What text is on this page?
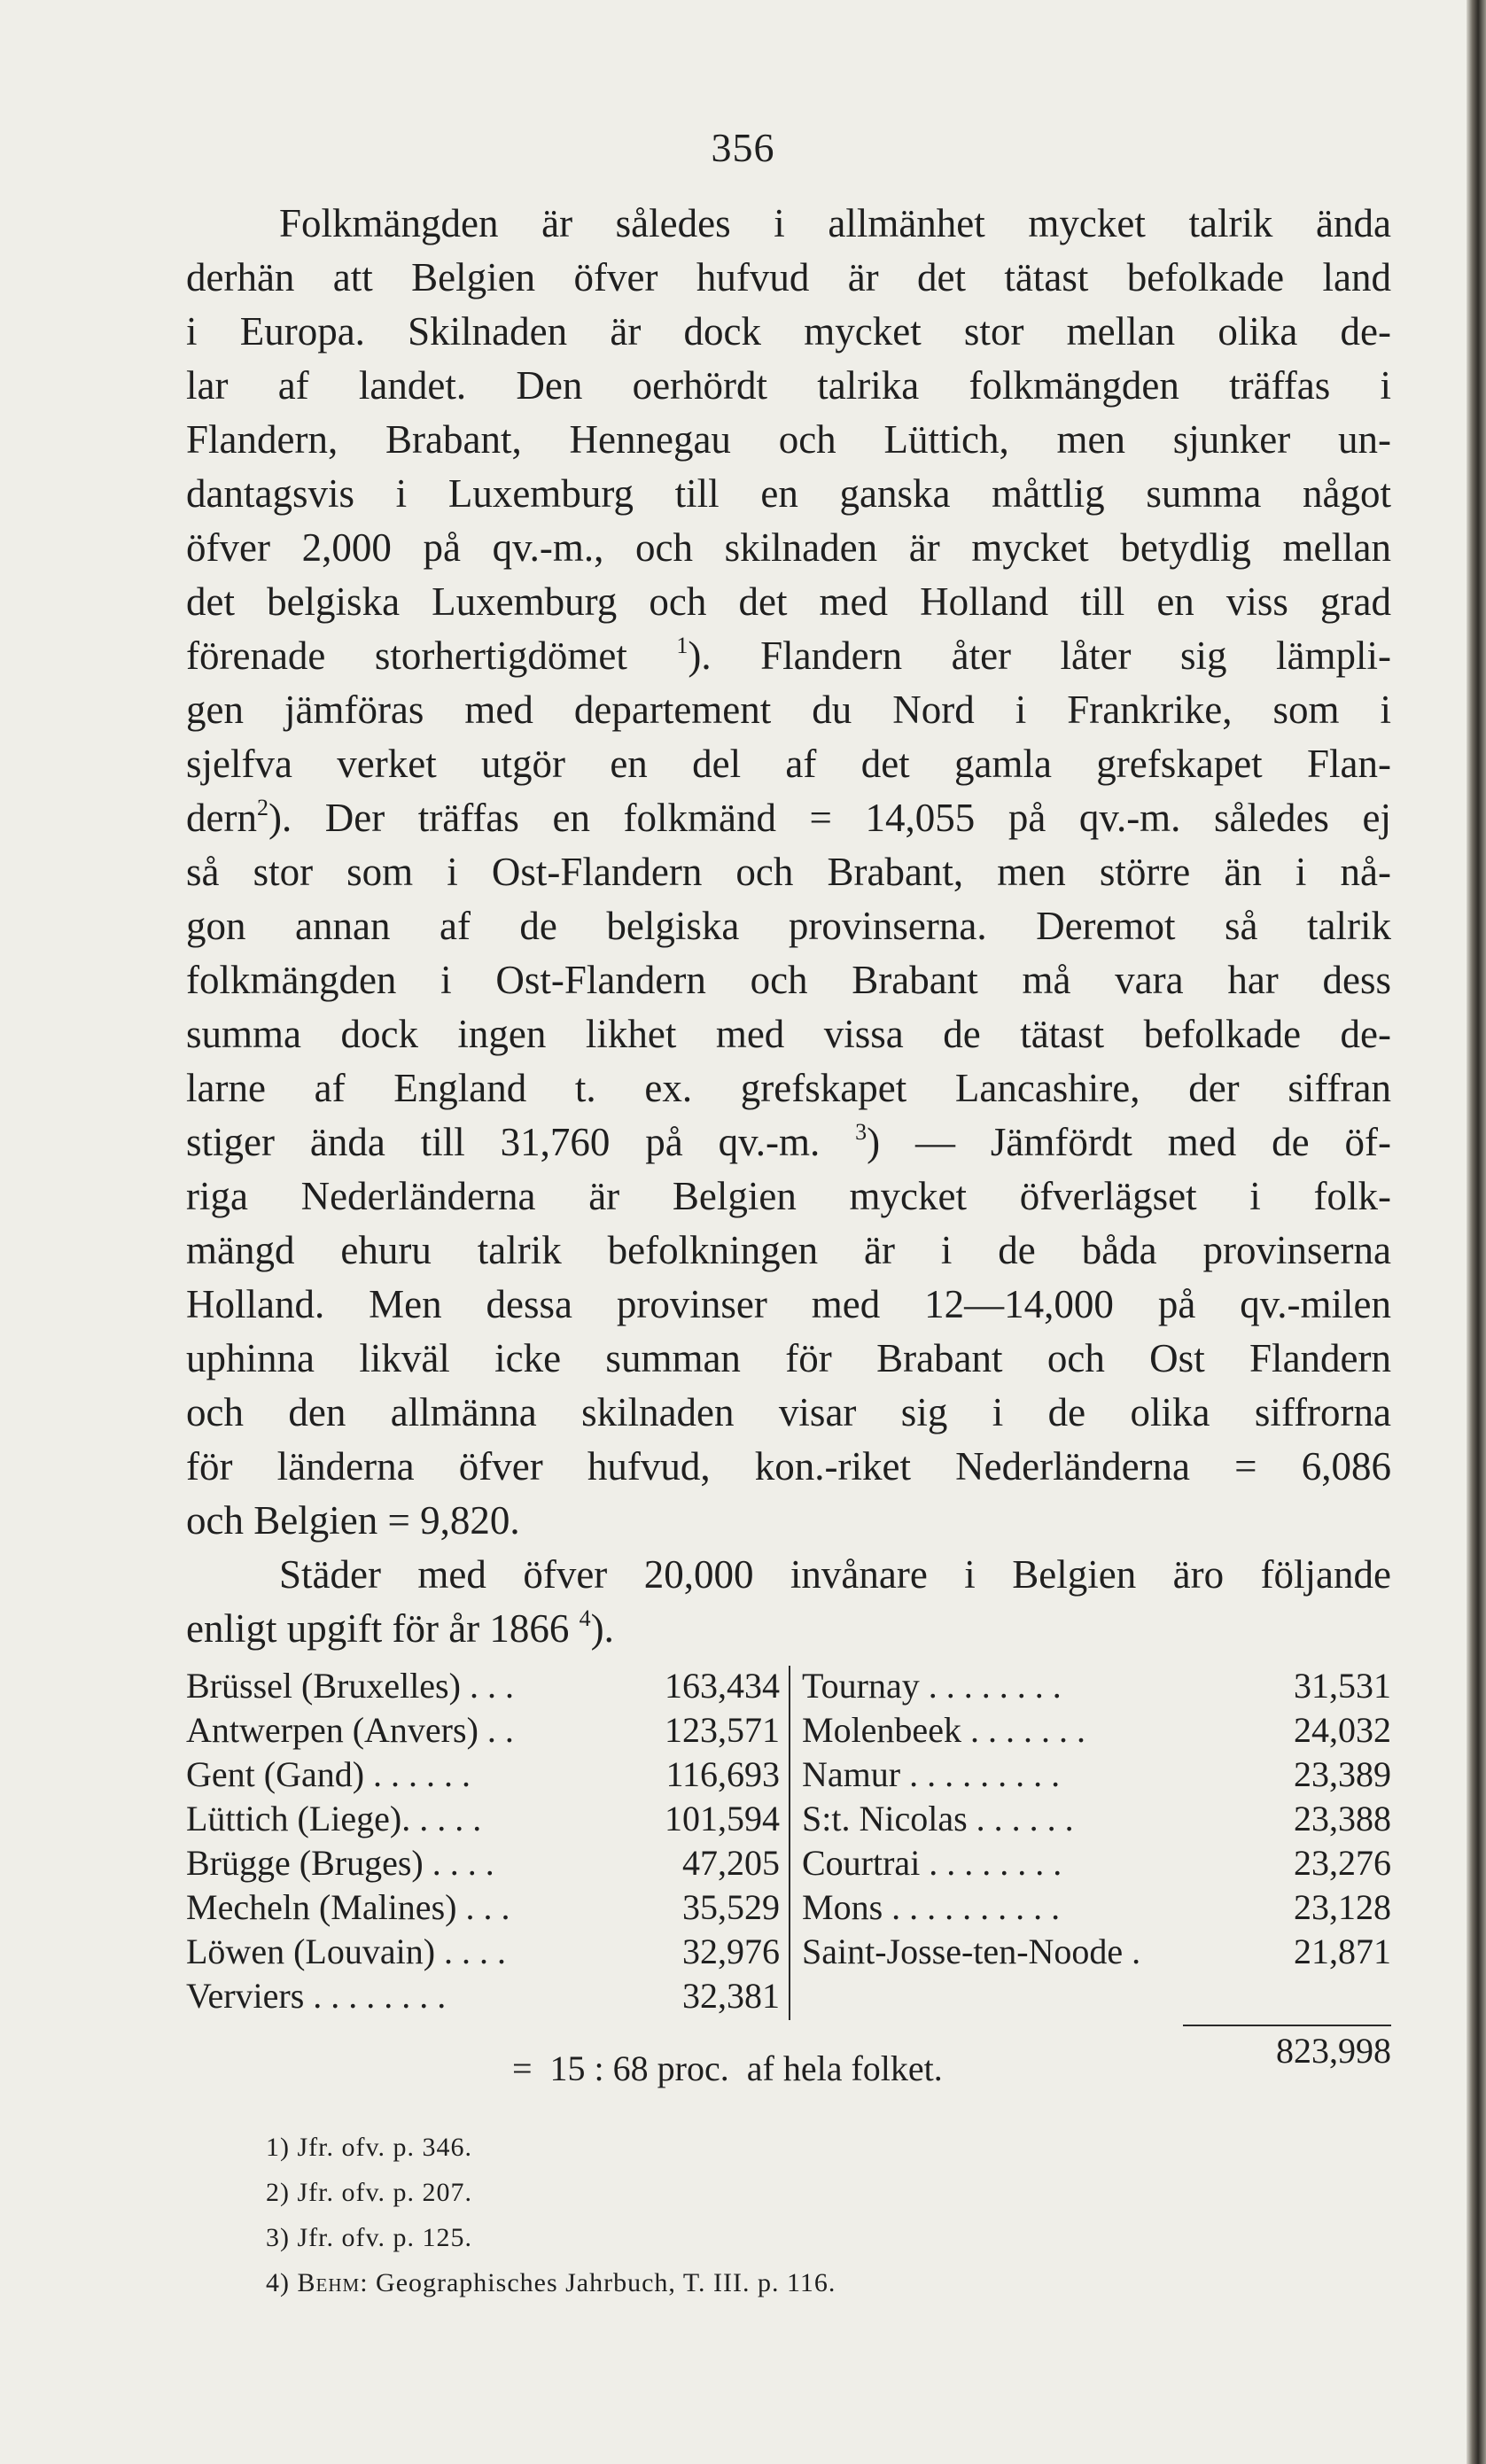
356
Folkmängden är således i allmänhet mycket talrik ända
derhän att Belgien öfver hufvud är det tätast befolkade land
i Europa. Skilnaden är dock mycket stor mellan olika de-
lar af landet. Den oerhördt talrika folkmängden träffas i
Flandern, Brabant, Hennegau och Lüttich, men sjunker un-
dantagsvis i Luxemburg till en ganska måttlig summa något
öfver 2,000 på qv.-m., och skilnaden är mycket betydlig mellan
det belgiska Luxemburg och det med Holland till en viss grad
förenade storhertigdömet $^1$). Flandern åter låter sig lämpli-
gen jämföras med departement du Nord i Frankrike, som i
sjelfva verket utgör en del af det gamla grefskapet Flan-
dern$^2$). Der träffas en folkmänd = 14,055 på qv.-m. således ej
så stor som i Ost-Flandern och Brabant, men större än i nå-
gon annan af de belgiska provinserna. Deremot så talrik
folkmängden i Ost-Flandern och Brabant må vara har dess
summa dock ingen likhet med vissa de tätast befolkade de-
larne af England t. ex. grefskapet Lancashire, der siffran
stiger ända till 31,760 på qv.-m. $^3$) — Jämfördt med de öf-
riga Nederländerna är Belgien mycket öfverlägset i folk-
mängd ehuru talrik befolkningen är i de båda provinserna
Holland. Men dessa provinser med 12—14,000 på qv.-milen
uphinna likväl icke summan för Brabant och Ost Flandern
och den allmänna skilnaden visar sig i de olika siffrorna
för länderna öfver hufvud, kon.-riket Nederländerna = 6,086
och Belgien = 9,820.
Städer med öfver 20,000 invånare i Belgien äro följande
enligt upgift för år 1866 $^4$).
Brüssel (Bruxelles) . . .	163,434
Antwerpen (Anvers) . .	123,571
Gent (Gand) . . . . . .	116,693
Lüttich (Liege). . . . .	101,594
Brügge (Bruges) . . . .	47,205
Mecheln (Malines) . . .	35,529
Löwen (Louvain) . . . .	32,976
Verviers . . . . . . . .	32,381
Tournay . . . . . . . .	31,531
Molenbeek . . . . . . .	24,032
Namur . . . . . . . . .	23,389
S:t. Nicolas . . . . . .	23,388
Courtrai . . . . . . . .	23,276
Mons . . . . . . . . . .	23,128
Saint-Josse-ten-Noode .	21,871
823,998
=  15 : 68 proc.  af hela folket.
1) Jfr. ofv. p. 346.
2) Jfr. ofv. p. 207.
3) Jfr. ofv. p. 125.
4) Behm: Geographisches Jahrbuch, T. III. p. 116.
